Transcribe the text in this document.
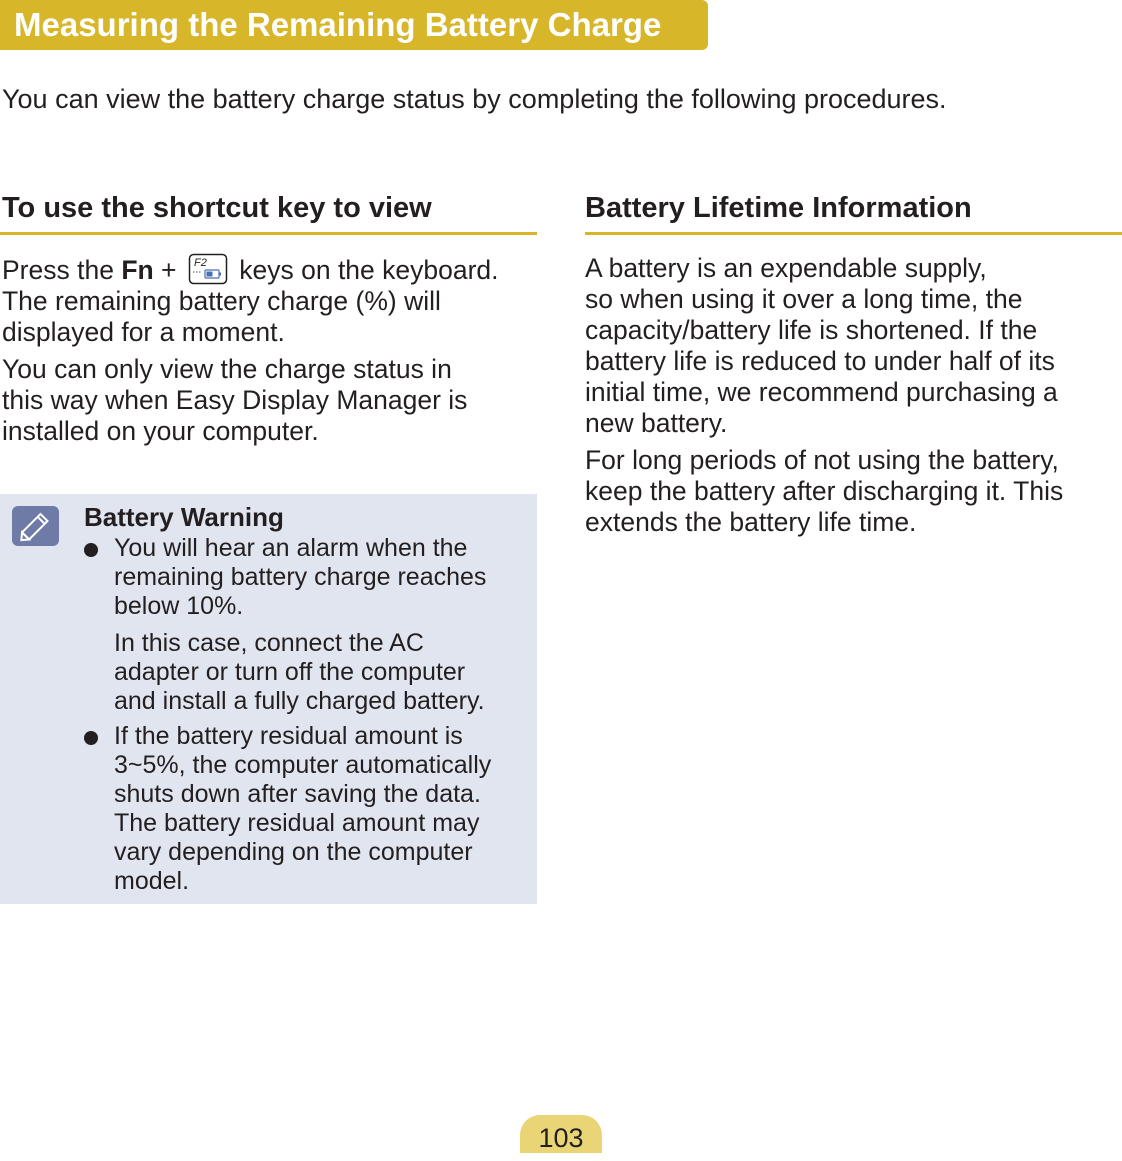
Measuring the Remaining Battery Charge
You can view the battery charge status by completing the following procedures.
To use the shortcut key to view

Press the Fn + F2 keys on the keyboard.

The remaining battery charge (%) will

displayed for a moment.

You can only view the charge status in

this way when Easy Display Manager is

installed on your computer.

Battery Warning

You will hear an alarm when the

remaining battery charge reaches

below 10%.

In this case, connect the AC

adapter or turn off the computer

and install a fully charged battery.

If the battery residual amount is

3~5%, the computer automatically

shuts down after saving the data.

The battery residual amount may

vary depending on the computer

model.

Battery Lifetime Information

A battery is an expendable supply,

so when using it over a long time, the

capacity/battery life is shortened. If the

battery life is reduced to under half of its

initial time, we recommend purchasing a

new battery.

For long periods of not using the battery,

keep the battery after discharging it. This

extends the battery life time.

103
